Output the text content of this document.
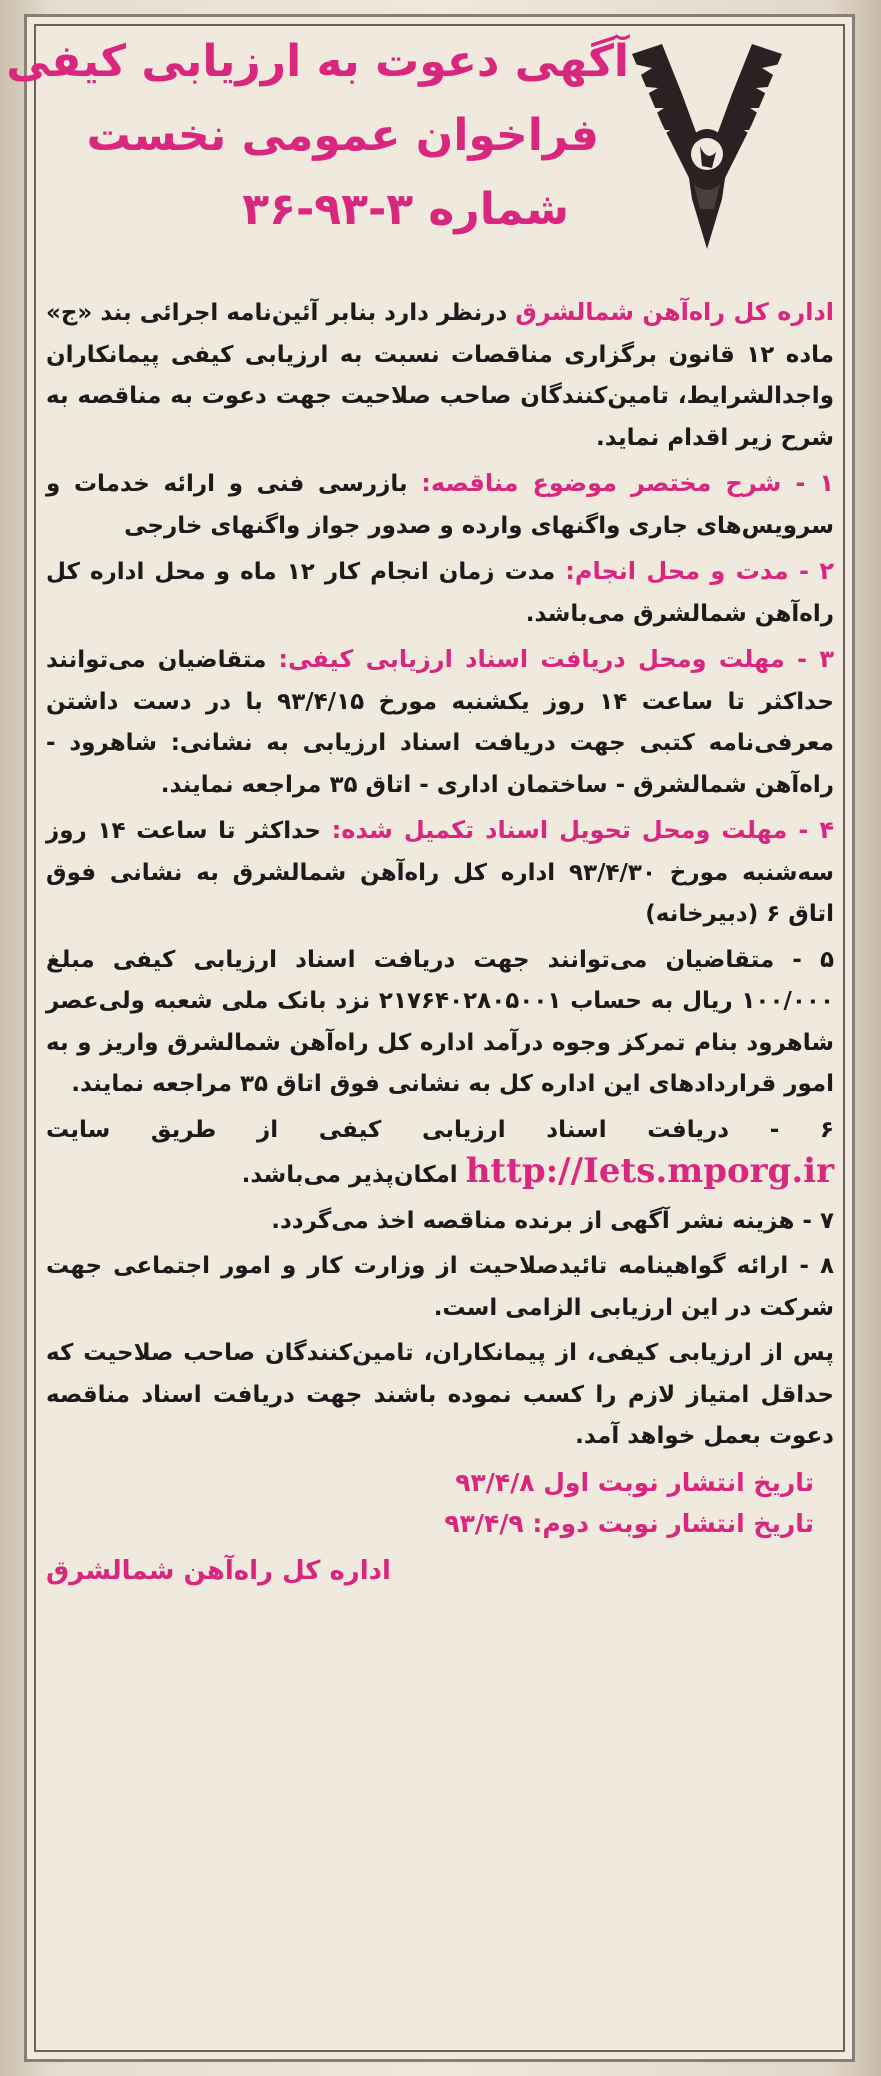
آگهی دعوت به ارزیابی کیفی
فراخوان عمومی نخست
شماره ۳-۹۳-۳۶

اداره کل راه‌آهن شمالشرق درنظر دارد بنابر آئین‌نامه اجرائی بند «ج» ماده ۱۲ قانون برگزاری مناقصات نسبت به ارزیابی کیفی پیمانکاران واجدالشرایط، تامین‌کنندگان صاحب صلاحیت جهت دعوت به مناقصه به شرح زیر اقدام نماید.

۱ - شرح مختصر موضوع مناقصه: بازرسی فنی و ارائه خدمات و سرویس‌های جاری واگنهای وارده و صدور جواز واگنهای خارجی

۲ - مدت و محل انجام: مدت زمان انجام کار ۱۲ ماه و محل اداره کل راه‌آهن شمالشرق می‌باشد.

۳ - مهلت ومحل دریافت اسناد ارزیابی کیفی: متقاضیان می‌توانند حداکثر تا ساعت ۱۴ روز یکشنبه مورخ ۹۳/۴/۱۵ با در دست داشتن معرفی‌نامه کتبی جهت دریافت اسناد ارزیابی به نشانی: شاهرود - راه‌آهن شمالشرق - ساختمان اداری - اتاق ۳۵ مراجعه نمایند.

۴ - مهلت ومحل تحویل اسناد تکمیل شده: حداکثر تا ساعت ۱۴ روز سه‌شنبه مورخ ۹۳/۴/۳۰ اداره کل راه‌آهن شمالشرق به نشانی فوق اتاق ۶ (دبیرخانه)

۵ - متقاضیان می‌توانند جهت دریافت اسناد ارزیابی کیفی مبلغ ۱۰۰/۰۰۰ ریال به حساب ۲۱۷۶۴۰۲۸۰۵۰۰۱ نزد بانک ملی شعبه ولی‌عصر شاهرود بنام تمرکز وجوه درآمد اداره کل راه‌آهن شمالشرق واریز و به امور قراردادهای این اداره کل به نشانی فوق اتاق ۳۵ مراجعه نمایند.

۶ - دریافت اسناد ارزیابی کیفی از طریق سایت http://Iets.mporg.ir امکان‌پذیر می‌باشد.

۷ - هزینه نشر آگهی از برنده مناقصه اخذ می‌گردد.

۸ - ارائه گواهینامه تائیدصلاحیت از وزارت کار و امور اجتماعی جهت شرکت در این ارزیابی الزامی است.

پس از ارزیابی کیفی، از پیمانکاران، تامین‌کنندگان صاحب صلاحیت که حداقل امتیاز لازم را کسب نموده باشند جهت دریافت اسناد مناقصه دعوت بعمل خواهد آمد.

تاریخ انتشار نوبت اول ۹۳/۴/۸
تاریخ انتشار نوبت دوم: ۹۳/۴/۹
اداره کل راه‌آهن شمالشرق
